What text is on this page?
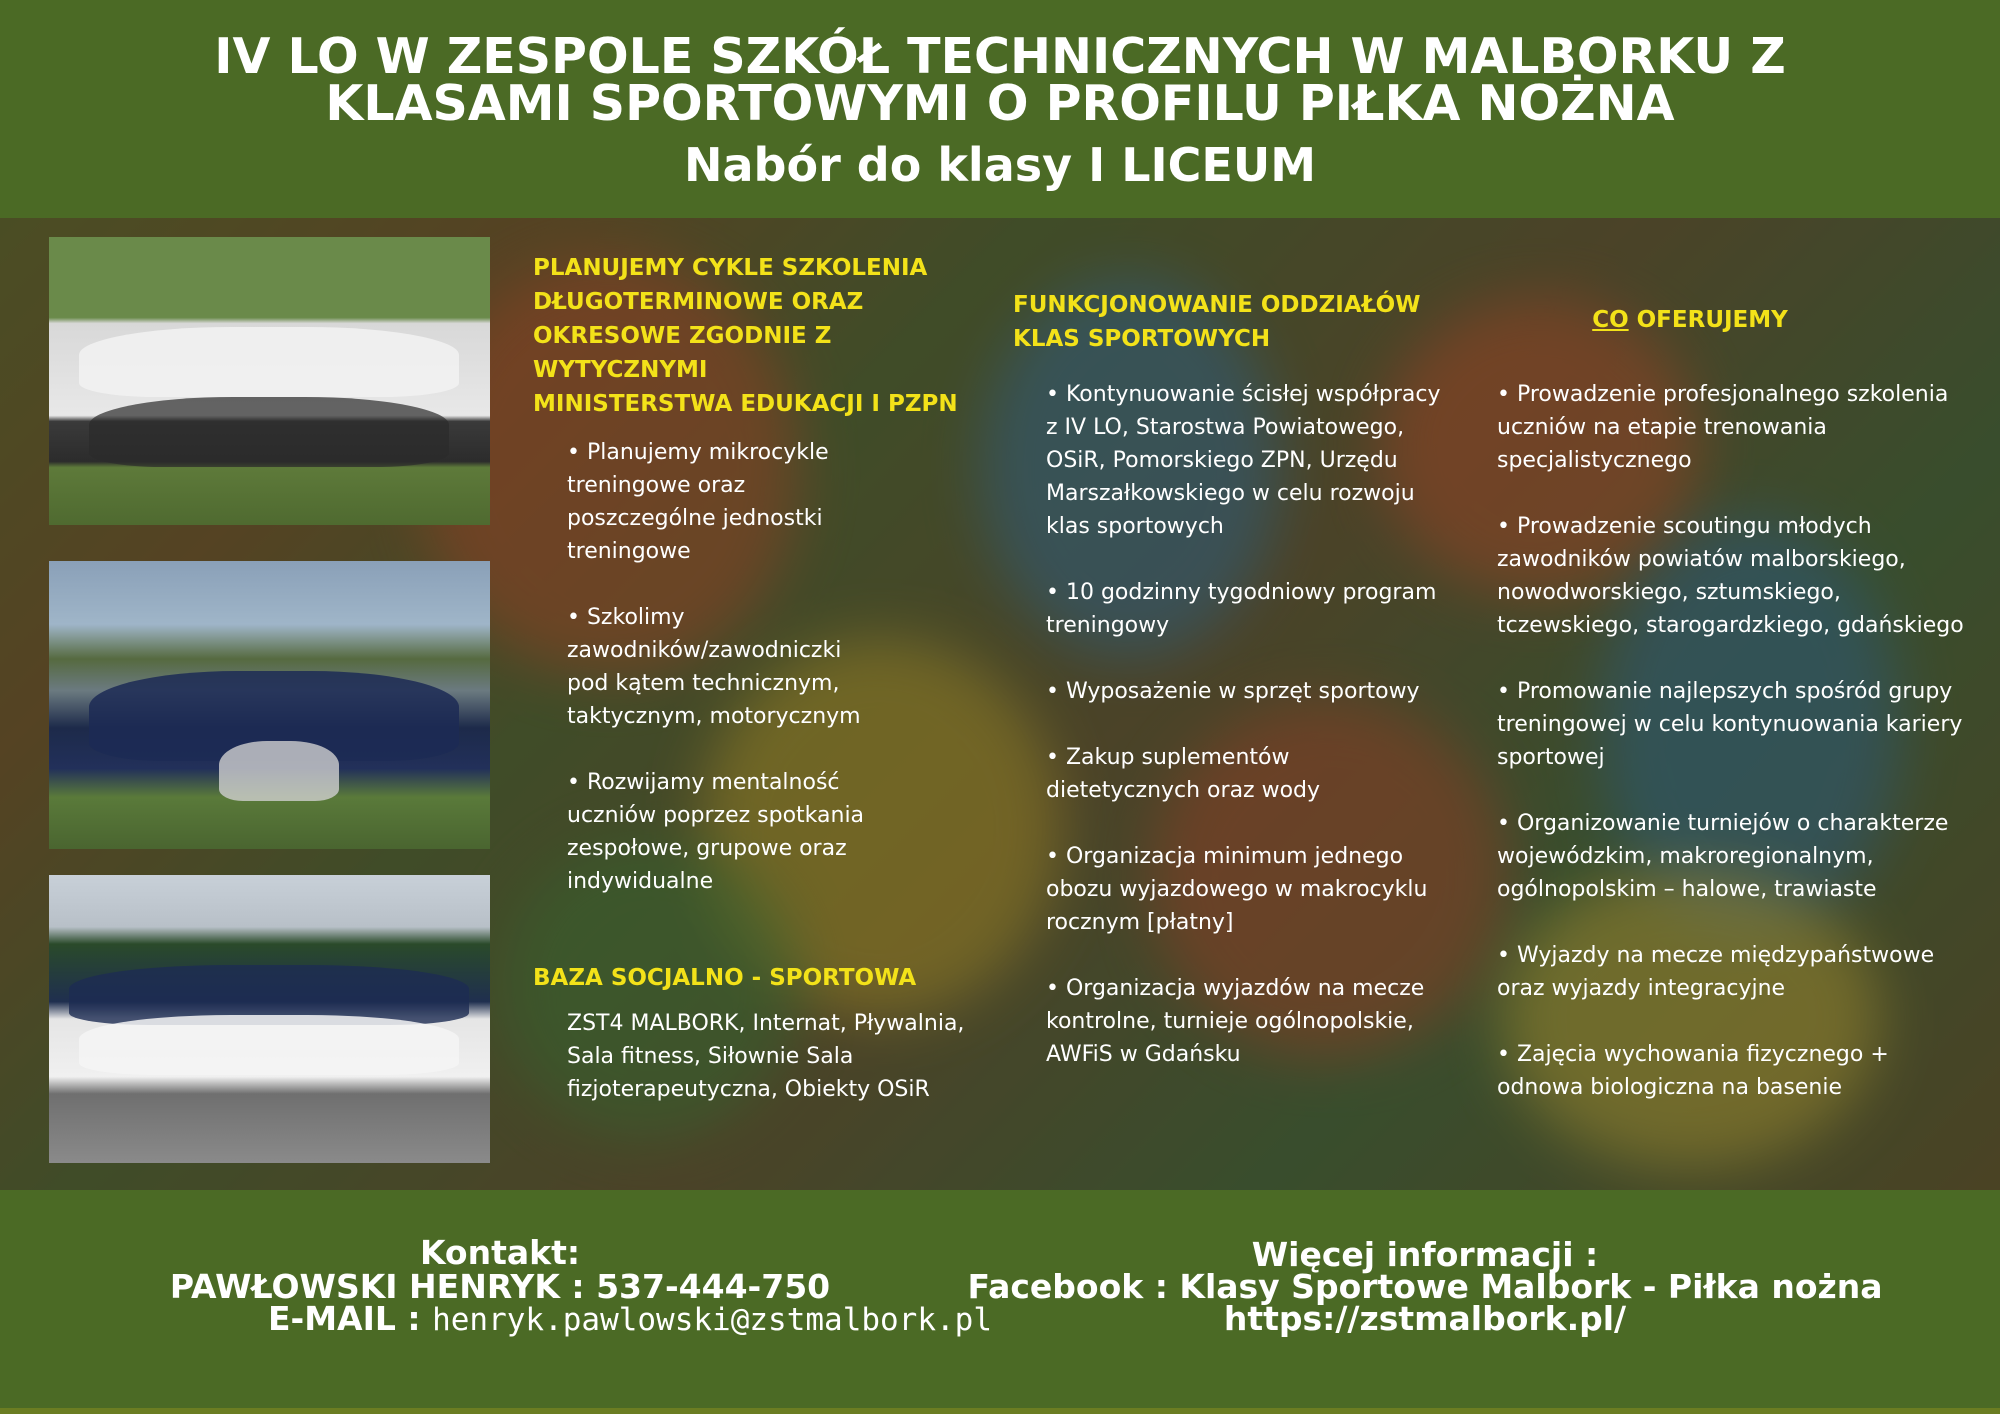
IV LO W ZESPOLE SZKÓŁ TECHNICZNYCH W MALBORKU Z
KLASAMI SPORTOWYMI O PROFILU PIŁKA NOŻNA
Nabór do klasy I LICEUM
PLANUJEMY CYKLE SZKOLENIA
DŁUGOTERMINOWE ORAZ
OKRESOWE ZGODNIE Z
WYTYCZNYMI
MINISTERSTWA EDUKACJI I PZPN

• Planujemy mikrocykle treningowe oraz poszczególne jednostki treningowe

• Szkolimy zawodników/zawodniczki pod kątem technicznym, taktycznym, motorycznym

• Rozwijamy mentalność uczniów poprzez spotkania zespołowe, grupowe oraz indywidualne

BAZA SOCJALNO - SPORTOWA

ZST4 MALBORK, Internat, Pływalnia, Sala fitness, Siłownie Sala fizjoterapeutyczna, Obiekty OSiR

FUNKCJONOWANIE ODDZIAŁÓW
KLAS SPORTOWYCH

• Kontynuowanie ścisłej współpracy z IV LO, Starostwa Powiatowego, OSiR, Pomorskiego ZPN, Urzędu Marszałkowskiego w celu rozwoju klas sportowych

• 10 godzinny tygodniowy program treningowy

• Wyposażenie w sprzęt sportowy

• Zakup suplementów dietetycznych oraz wody

• Organizacja minimum jednego obozu wyjazdowego w makrocyklu rocznym [płatny]

• Organizacja wyjazdów na mecze kontrolne, turnieje ogólnopolskie, AWFiS w Gdańsku

CO OFERUJEMY

• Prowadzenie profesjonalnego szkolenia uczniów na etapie trenowania specjalistycznego

• Prowadzenie scoutingu młodych zawodników powiatów malborskiego, nowodworskiego, sztumskiego, tczewskiego, starogardzkiego, gdańskiego

• Promowanie najlepszych spośród grupy treningowej w celu kontynuowania kariery sportowej

• Organizowanie turniejów o charakterze wojewódzkim, makroregionalnym, ogólnopolskim – halowe, trawiaste

• Wyjazdy na mecze międzypaństwowe oraz wyjazdy integracyjne

• Zajęcia wychowania fizycznego + odnowa biologiczna na basenie

Kontakt:
PAWŁOWSKI HENRYK : 537-444-750
E-MAIL : henryk.pawlowski@zstmalbork.pl
Więcej informacji :
Facebook : Klasy Sportowe Malbork - Piłka nożna
https://zstmalbork.pl/
